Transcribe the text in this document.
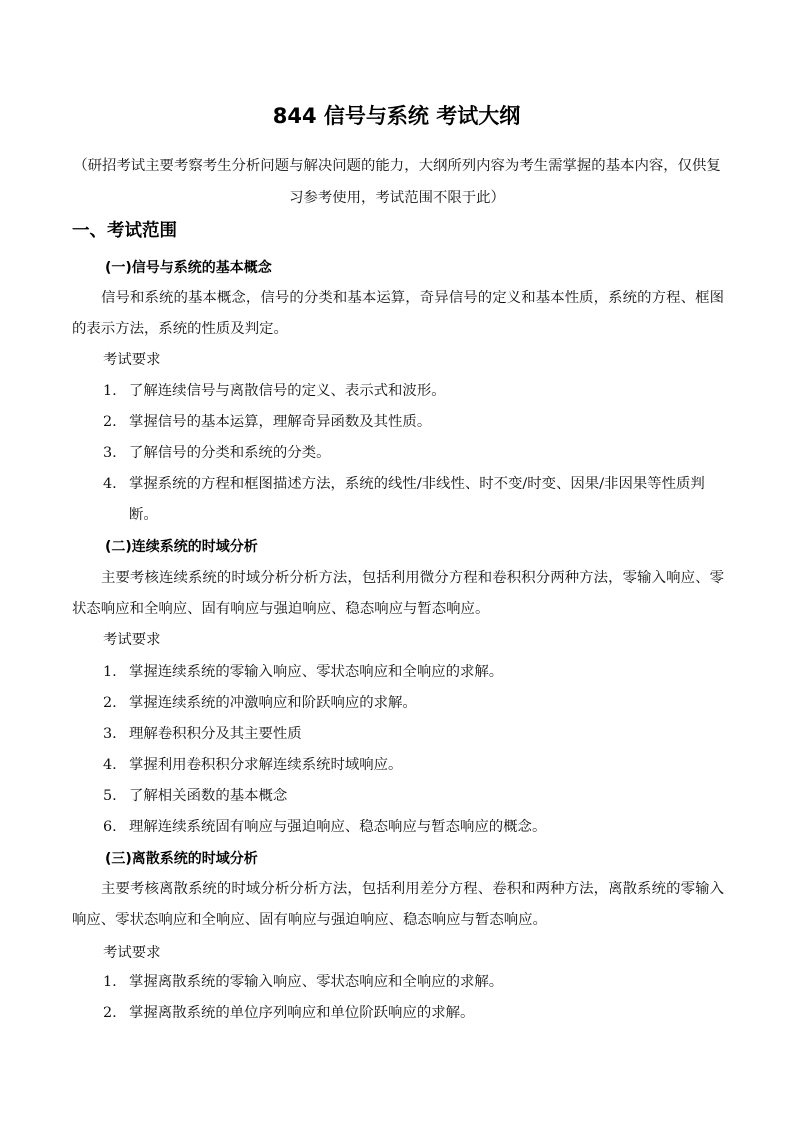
844 信号与系统 考试大纲
（研招考试主要考察考生分析问题与解决问题的能力，大纲所列内容为考生需掌握的基本内容，仅供复习参考使用，考试范围不限于此）
一、考试范围
(一)信号与系统的基本概念
信号和系统的基本概念，信号的分类和基本运算，奇异信号的定义和基本性质，系统的方程、框图的表示方法，系统的性质及判定。
考试要求
1. 了解连续信号与离散信号的定义、表示式和波形。
2. 掌握信号的基本运算，理解奇异函数及其性质。
3. 了解信号的分类和系统的分类。
4. 掌握系统的方程和框图描述方法，系统的线性/非线性、时不变/时变、因果/非因果等性质判断。
(二)连续系统的时域分析
主要考核连续系统的时域分析分析方法，包括利用微分方程和卷积积分两种方法，零输入响应、零状态响应和全响应、固有响应与强迫响应、稳态响应与暂态响应。
考试要求
1. 掌握连续系统的零输入响应、零状态响应和全响应的求解。
2. 掌握连续系统的冲激响应和阶跃响应的求解。
3. 理解卷积积分及其主要性质
4. 掌握利用卷积积分求解连续系统时域响应。
5. 了解相关函数的基本概念
6. 理解连续系统固有响应与强迫响应、稳态响应与暂态响应的概念。
(三)离散系统的时域分析
主要考核离散系统的时域分析分析方法，包括利用差分方程、卷积和两种方法，离散系统的零输入响应、零状态响应和全响应、固有响应与强迫响应、稳态响应与暂态响应。
考试要求
1. 掌握离散系统的零输入响应、零状态响应和全响应的求解。
2. 掌握离散系统的单位序列响应和单位阶跃响应的求解。
